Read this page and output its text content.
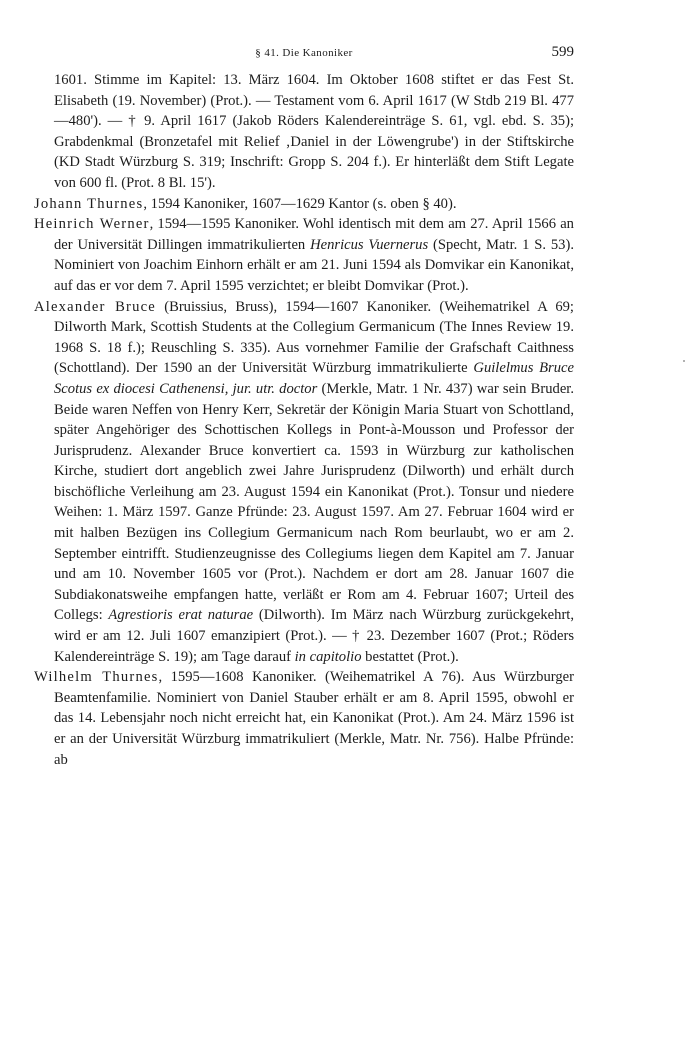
§ 41. Die Kanoniker	599

1601. Stimme im Kapitel: 13. März 1604. Im Oktober 1608 stiftet er das Fest St. Elisabeth (19. November) (Prot.). — Testament vom 6. April 1617 (W Stdb 219 Bl. 477—480'). — † 9. April 1617 (Jakob Röders Kalendereinträge S. 61, vgl. ebd. S. 35); Grabdenkmal (Bronzetafel mit Relief ‚Daniel in der Löwengrube') in der Stiftskirche (KD Stadt Würzburg S. 319; Inschrift: Gropp S. 204 f.). Er hinterläßt dem Stift Legate von 600 fl. (Prot. 8 Bl. 15').

Johann Thurnes, 1594 Kanoniker, 1607—1629 Kantor (s. oben § 40).

Heinrich Werner, 1594—1595 Kanoniker. Wohl identisch mit dem am 27. April 1566 an der Universität Dillingen immatrikulierten Henricus Vuernerus (Specht, Matr. 1 S. 53). Nominiert von Joachim Einhorn erhält er am 21. Juni 1594 als Domvikar ein Kanonikat, auf das er vor dem 7. April 1595 verzichtet; er bleibt Domvikar (Prot.).

Alexander Bruce (Bruissius, Bruss), 1594—1607 Kanoniker. (Weihematrikel A 69; Dilworth Mark, Scottish Students at the Collegium Germanicum (The Innes Review 19. 1968 S. 18 f.); Reuschling S. 335). Aus vornehmer Familie der Grafschaft Caithness (Schottland). Der 1590 an der Universität Würzburg immatrikulierte Guilelmus Bruce Scotus ex diocesi Cathenensi, jur. utr. doctor (Merkle, Matr. 1 Nr. 437) war sein Bruder. Beide waren Neffen von Henry Kerr, Sekretär der Königin Maria Stuart von Schottland, später Angehöriger des Schottischen Kollegs in Pont-à-Mousson und Professor der Jurisprudenz. Alexander Bruce konvertiert ca. 1593 in Würzburg zur katholischen Kirche, studiert dort angeblich zwei Jahre Jurisprudenz (Dilworth) und erhält durch bischöfliche Verleihung am 23. August 1594 ein Kanonikat (Prot.). Tonsur und niedere Weihen: 1. März 1597. Ganze Pfründe: 23. August 1597. Am 27. Februar 1604 wird er mit halben Bezügen ins Collegium Germanicum nach Rom beurlaubt, wo er am 2. September eintrifft. Studienzeugnisse des Collegiums liegen dem Kapitel am 7. Januar und am 10. November 1605 vor (Prot.). Nachdem er dort am 28. Januar 1607 die Subdiakonatsweihe empfangen hatte, verläßt er Rom am 4. Februar 1607; Urteil des Collegs: Agrestioris erat naturae (Dilworth). Im März nach Würzburg zurückgekehrt, wird er am 12. Juli 1607 emanzipiert (Prot.). — † 23. Dezember 1607 (Prot.; Röders Kalendereinträge S. 19); am Tage darauf in capitolio bestattet (Prot.).

Wilhelm Thurnes, 1595—1608 Kanoniker. (Weihematrikel A 76). Aus Würzburger Beamtenfamilie. Nominiert von Daniel Stauber erhält er am 8. April 1595, obwohl er das 14. Lebensjahr noch nicht erreicht hat, ein Kanonikat (Prot.). Am 24. März 1596 ist er an der Universität Würzburg immatrikuliert (Merkle, Matr. Nr. 756). Halbe Pfründe: ab
